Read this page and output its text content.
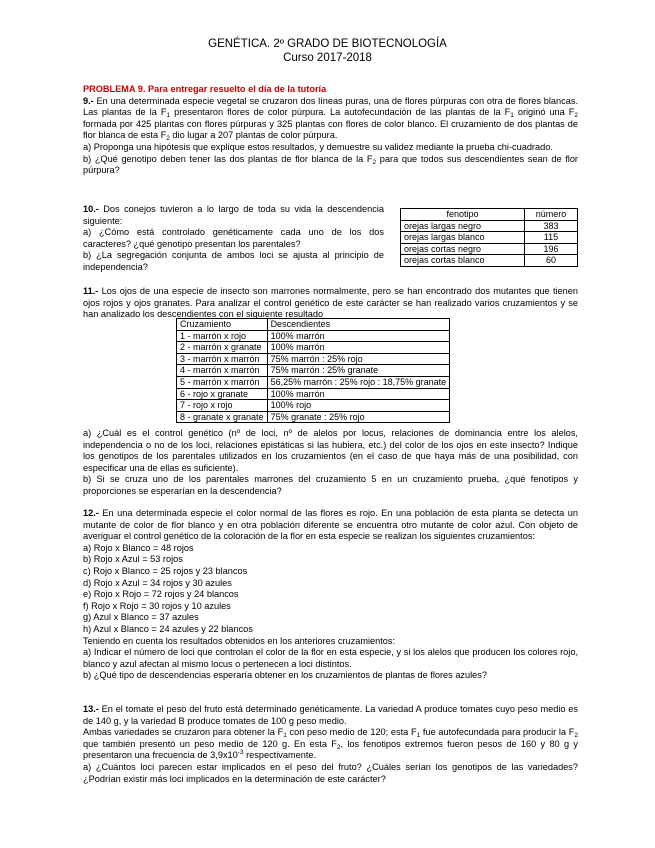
GENÉTICA. 2º GRADO DE BIOTECNOLOGÍA
Curso 2017-2018

PROBLEMA 9. Para entregar resuelto el día de la tutoría

9.- En una determinada especie vegetal se cruzaron dos líneas puras, una de flores púrpuras con otra de flores blancas. Las plantas de la $F_1$ presentaron flores de color púrpura. La autofecundación de las plantas de la $F_1$ originó una $F_2$ formada por 425 plantas con flores púrpuras y 325 plantas con flores de color blanco. El cruzamiento de dos plantas de flor blanca de esta $F_2$ dio lugar a 207 plantas de color púrpura.

a) Proponga una hipótesis que explique estos resultados, y demuestre su validez mediante la prueba chi-cuadrado.

b) ¿Qué genotipo deben tener las dos plantas de flor blanca de la $F_2$ para que todos sus descendientes sean de flor púrpura?

10.- Dos conejos tuvieron a lo largo de toda su vida la descendencia siguiente:

a) ¿Cómo está controlado genéticamente cada uno de los dos caracteres? ¿qué genotipo presentan los parentales?

b) ¿La segregación conjunta de ambos loci se ajusta al principio de independencia?

fenotipo	número
orejas largas negro	383
orejas largas blanco	115
orejas cortas negro	196
orejas cortas blanco	60

11.- Los ojos de una especie de insecto son marrones normalmente, pero se han encontrado dos mutantes que tienen ojos rojos y ojos granates. Para analizar el control genético de este carácter se han realizado varios cruzamientos y se han analizado los descendientes con el siguiente resultado

Cruzamiento	Descendientes
1 - marrón x rojo	100% marrón
2 - marrón x granate	100% marrón
3 - marrón x marrón	75% marrón : 25% rojo
4 - marrón x marrón	75% marrón : 25% granate
5 - marrón x marrón	56,25% marrón : 25% rojo : 18,75% granate
6 - rojo x granate	100% marrón
7 - rojo x rojo	100% rojo
8 - granate x granate	75% granate : 25% rojo

a) ¿Cuál es el control genético (nº de loci, nº de alelos por locus, relaciones de dominancia entre los alelos, independencia o no de los loci, relaciones epistáticas si las hubiera, etc.) del color de los ojos en este insecto? Indique los genotipos de los parentales utilizados en los cruzamientos (en el caso de que haya más de una posibilidad, con especificar una de ellas es suficiente).

b) Si se cruza uno de los parentales marrones del cruzamiento 5 en un cruzamiento prueba, ¿qué fenotipos y proporciones se esperarían en la descendencia?

12.- En una determinada especie el color normal de las flores es rojo. En una población de esta planta se detecta un mutante de color de flor blanco y en otra población diferente se encuentra otro mutante de color azul. Con objeto de averiguar el control genético de la coloración de la flor en esta especie se realizan los siguientes cruzamientos:

a) Rojo x Blanco = 48 rojos

b) Rojo x Azul = 53 rojos

c) Rojo x Blanco = 25 rojos y 23 blancos

d) Rojo x Azul = 34 rojos y 30 azules

e) Rojo x Rojo = 72 rojos y 24 blancos

f) Rojo x Rojo = 30 rojos y 10 azules

g) Azul x Blanco = 37 azules

h) Azul x Blanco = 24 azules y 22 blancos

Teniendo en cuenta los resultados obtenidos en los anteriores cruzamientos:

a) Indicar el número de loci que controlan el color de la flor en esta especie, y si los alelos que producen los colores rojo, blanco y azul afectan al mismo locus o pertenecen a loci distintos.

b) ¿Qué tipo de descendencias esperaría obtener en los cruzamientos de plantas de flores azules?

13.- En el tomate el peso del fruto está determinado genéticamente. La variedad A produce tomates cuyo peso medio es de 140 g, y la variedad B produce tomates de 100 g peso medio.

Ambas variedades se cruzaron para obtener la $F_1$ con peso medio de 120; esta $F_1$ fue autofecundada para producir la $F_2$ que también presentó un peso medio de 120 g. En esta $F_2$, los fenotipos extremos fueron pesos de 160 y 80 g y presentaron una frecuencia de $3,9x10^{-3}$ respectivamente.

a) ¿Cuántos loci parecen estar implicados en el peso del fruto? ¿Cuáles serían los genotipos de las variedades? ¿Podrían existir más loci implicados en la determinación de este carácter?
